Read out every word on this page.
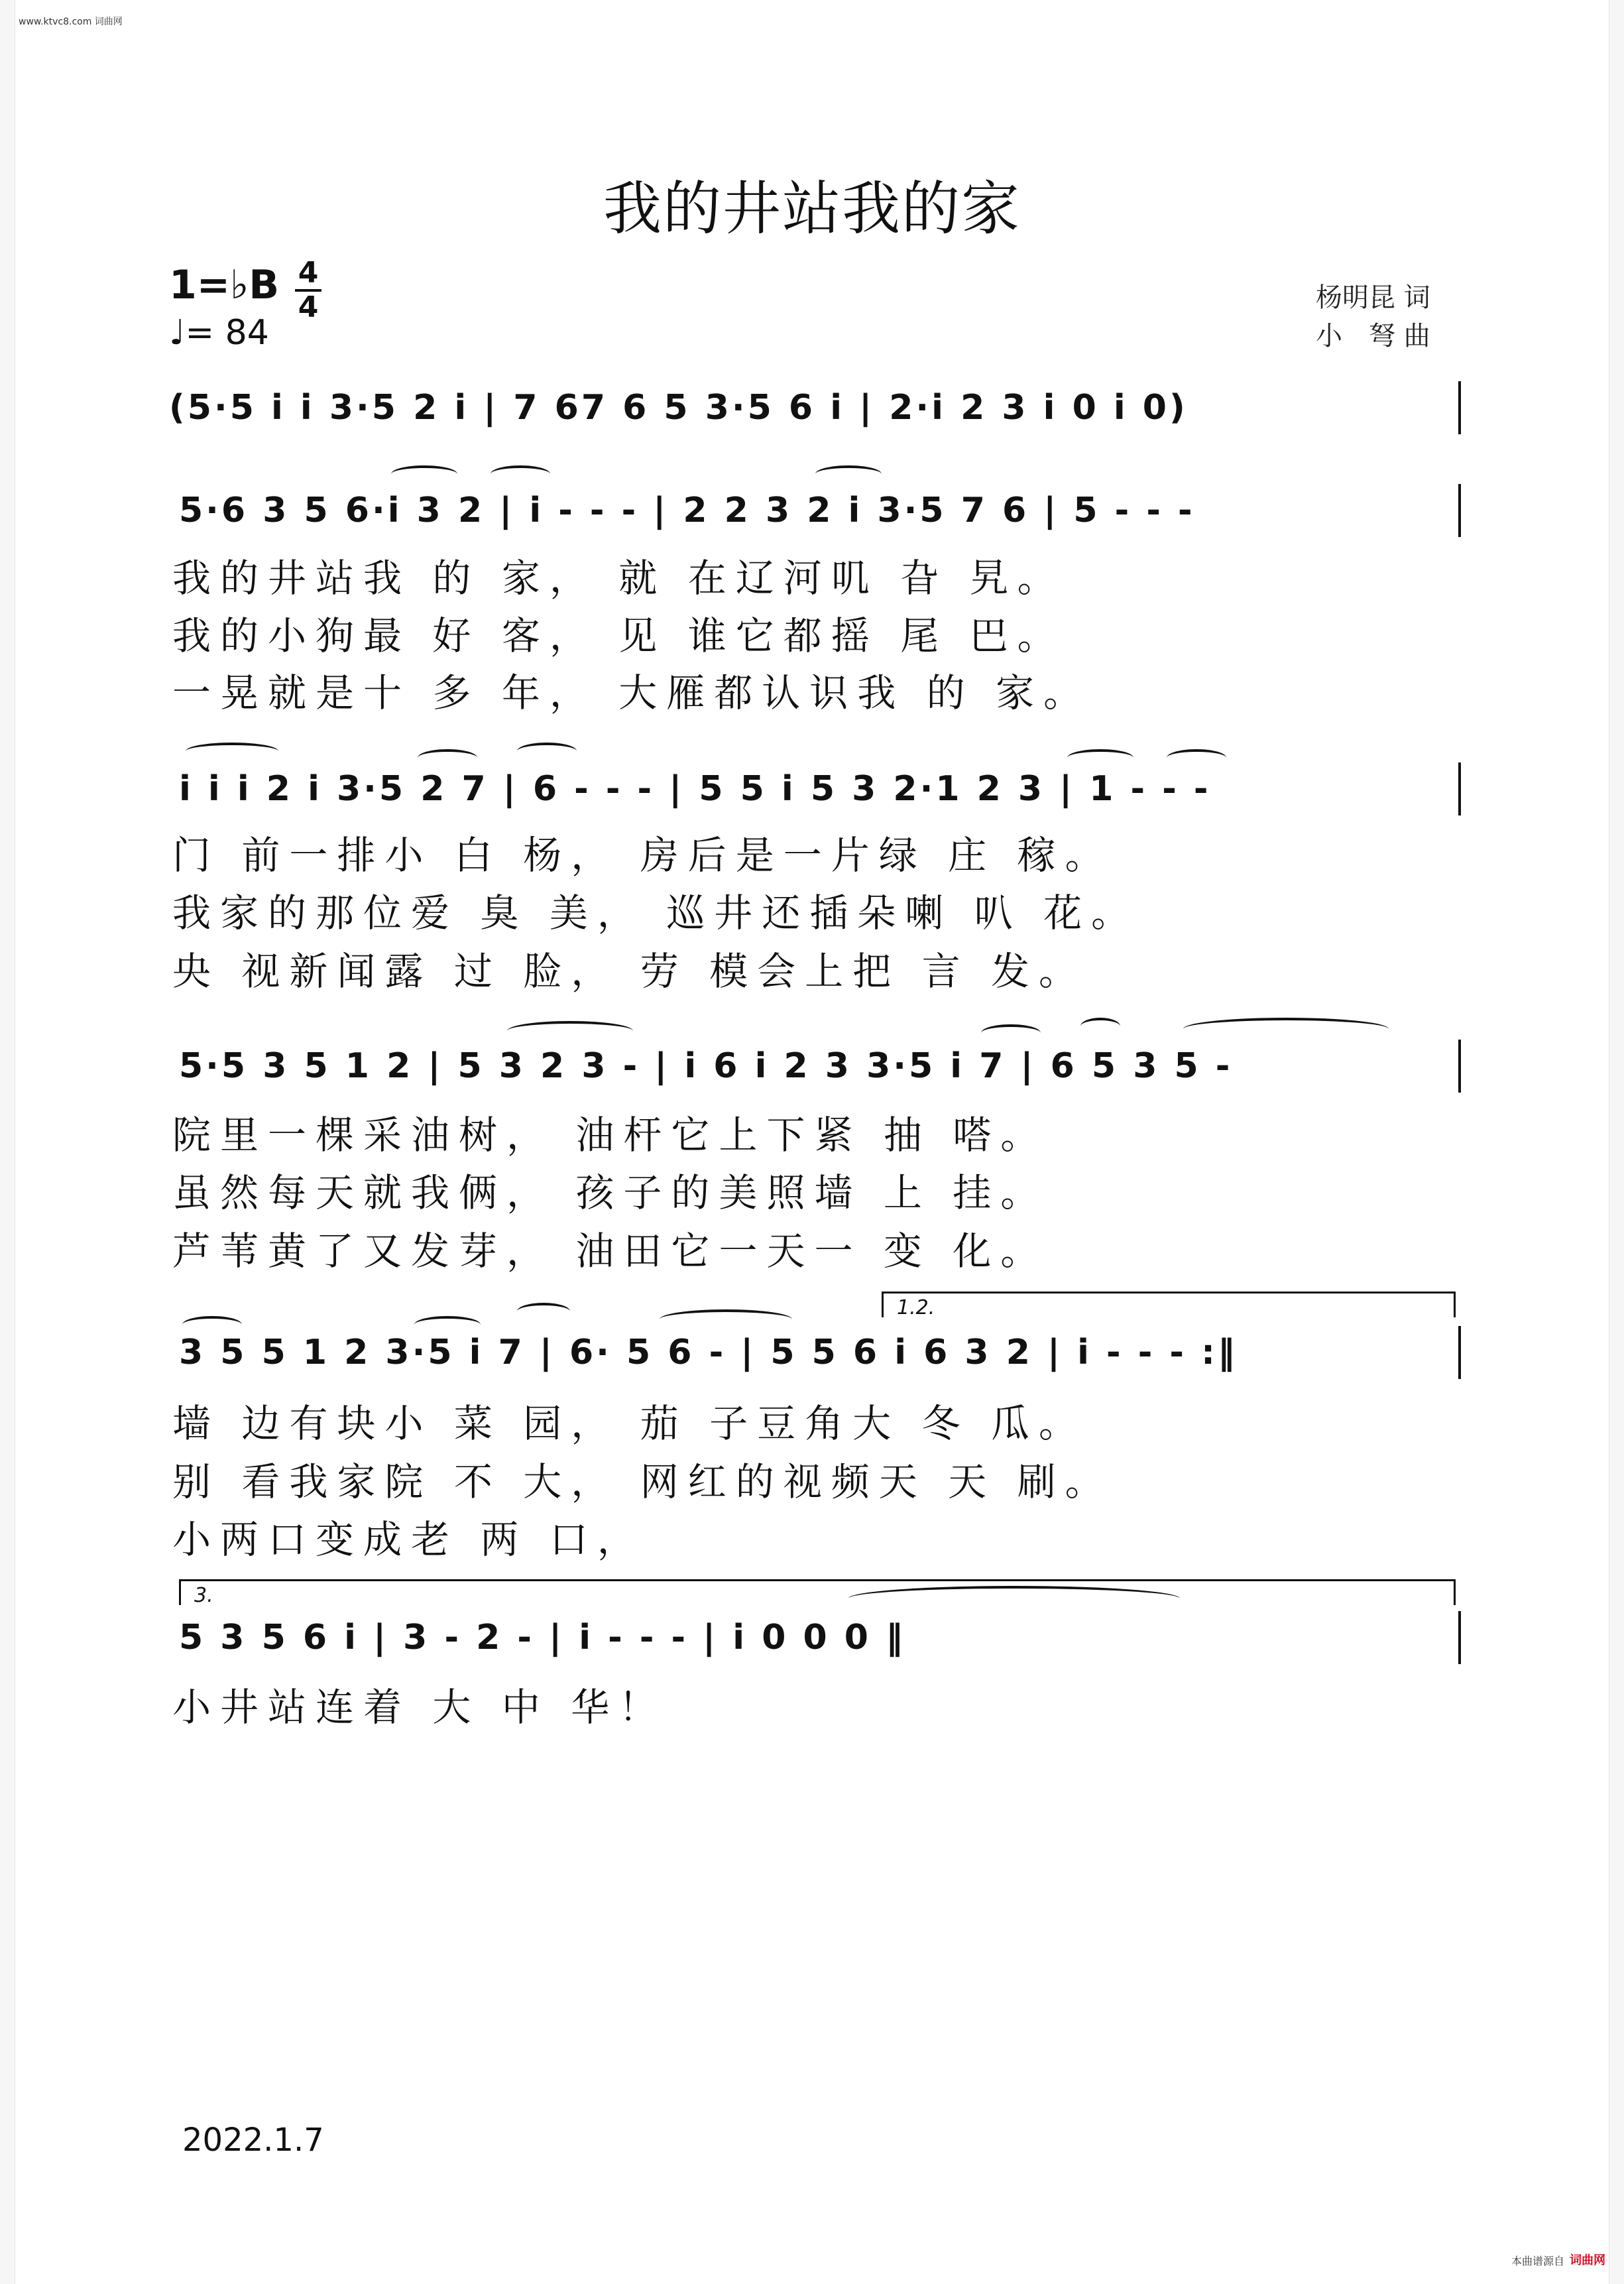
www.ktvc8.com 词曲网
我的井站我的家
1=♭B 4
4
♩= 84
杨明昆 词
小　弩 曲
(5·5 i i 3·5 2 i | 7 67 6 5 3·5 6 i | 2·i 2 3 i 0 i 0)
5·6 3 5 6·i 3 2 | i - - - | 2 2 3 2 i 3·5 7 6 | 5 - - -
我的井站我 的 家， 就 在辽河叽 旮 旯。
我的小狗最 好 客， 见 谁它都摇 尾 巴。
一晃就是十 多 年， 大雁都认识我 的 家。
i i i 2 i 3·5 2 7 | 6 - - - | 5 5 i 5 3 2·1 2 3 | 1 - - -
门 前一排小 白 杨， 房后是一片绿 庄 稼。
我家的那位爱 臭 美， 巡井还插朵喇 叭 花。
央 视新闻露 过 脸， 劳 模会上把 言 发。
5·5 3 5 1 2 | 5 3 2 3 - | i 6 i 2 3 3·5 i 7 | 6 5 3 5 -
院里一棵采油树， 油杆它上下紧 抽 嗒。
虽然每天就我俩， 孩子的美照墙 上 挂。
芦苇黄了又发芽， 油田它一天一 变 化。
1.2.
3 5 5 1 2 3·5 i 7 | 6· 5 6 - | 5 5 6 i 6 3 2 | i - - - :‖
墙 边有块小 菜 园， 茄 子豆角大 冬 瓜。
别 看我家院 不 大， 网红的视频天 天 刷。
小两口变成老 两 口，
3.
5 3 5 6 i | 3 - 2 - | i - - - | i 0 0 0 ‖
小井站连着 大 中 华！
2022.1.7
本曲谱源自 词曲网
